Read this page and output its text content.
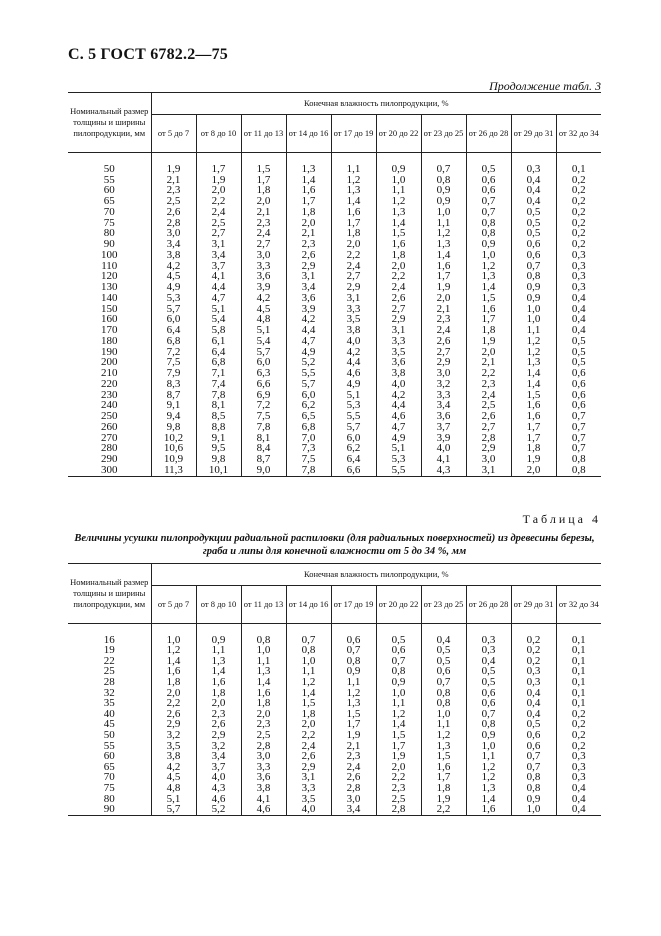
С. 5 ГОСТ 6782.2—75
Продолжение табл. 3
Номинальный размер толщины и ширины пилопродукции, мм	Конечная влажность пилопродукции, %									
	от 5 до 7	от 8 до 10	от 11 до 13	от 14 до 16	от 17 до 19	от 20 до 22	от 23 до 25	от 26 до 28	от 29 до 31	от 32 до 34

50	1,9	1,7	1,5	1,3	1,1	0,9	0,7	0,5	0,3	0,1
55	2,1	1,9	1,7	1,4	1,2	1,0	0,8	0,6	0,4	0,2
60	2,3	2,0	1,8	1,6	1,3	1,1	0,9	0,6	0,4	0,2
65	2,5	2,2	2,0	1,7	1,4	1,2	0,9	0,7	0,4	0,2
70	2,6	2,4	2,1	1,8	1,6	1,3	1,0	0,7	0,5	0,2
75	2,8	2,5	2,3	2,0	1,7	1,4	1,1	0,8	0,5	0,2
80	3,0	2,7	2,4	2,1	1,8	1,5	1,2	0,8	0,5	0,2
90	3,4	3,1	2,7	2,3	2,0	1,6	1,3	0,9	0,6	0,2
100	3,8	3,4	3,0	2,6	2,2	1,8	1,4	1,0	0,6	0,3
110	4,2	3,7	3,3	2,9	2,4	2,0	1,6	1,2	0,7	0,3
120	4,5	4,1	3,6	3,1	2,7	2,2	1,7	1,3	0,8	0,3
130	4,9	4,4	3,9	3,4	2,9	2,4	1,9	1,4	0,9	0,3
140	5,3	4,7	4,2	3,6	3,1	2,6	2,0	1,5	0,9	0,4
150	5,7	5,1	4,5	3,9	3,3	2,7	2,1	1,6	1,0	0,4
160	6,0	5,4	4,8	4,2	3,5	2,9	2,3	1,7	1,0	0,4
170	6,4	5,8	5,1	4,4	3,8	3,1	2,4	1,8	1,1	0,4
180	6,8	6,1	5,4	4,7	4,0	3,3	2,6	1,9	1,2	0,5
190	7,2	6,4	5,7	4,9	4,2	3,5	2,7	2,0	1,2	0,5
200	7,5	6,8	6,0	5,2	4,4	3,6	2,9	2,1	1,3	0,5
210	7,9	7,1	6,3	5,5	4,6	3,8	3,0	2,2	1,4	0,6
220	8,3	7,4	6,6	5,7	4,9	4,0	3,2	2,3	1,4	0,6
230	8,7	7,8	6,9	6,0	5,1	4,2	3,3	2,4	1,5	0,6
240	9,1	8,1	7,2	6,2	5,3	4,4	3,4	2,5	1,6	0,6
250	9,4	8,5	7,5	6,5	5,5	4,6	3,6	2,6	1,6	0,7
260	9,8	8,8	7,8	6,8	5,7	4,7	3,7	2,7	1,7	0,7
270	10,2	9,1	8,1	7,0	6,0	4,9	3,9	2,8	1,7	0,7
280	10,6	9,5	8,4	7,3	6,2	5,1	4,0	2,9	1,8	0,7
290	10,9	9,8	8,7	7,5	6,4	5,3	4,1	3,0	1,9	0,8
300	11,3	10,1	9,0	7,8	6,6	5,5	4,3	3,1	2,0	0,8
Таблица 4
Величины усушки пилопродукции радиальной распиловки (для радиальных поверхностей) из древесины березы, граба и липы для конечной влажности от 5 до 34 %, мм
Номинальный размер толщины и ширины пилопродукции, мм	Конечная влажность пилопродукции, %									
	от 5 до 7	от 8 до 10	от 11 до 13	от 14 до 16	от 17 до 19	от 20 до 22	от 23 до 25	от 26 до 28	от 29 до 31	от 32 до 34

16	1,0	0,9	0,8	0,7	0,6	0,5	0,4	0,3	0,2	0,1
19	1,2	1,1	1,0	0,8	0,7	0,6	0,5	0,3	0,2	0,1
22	1,4	1,3	1,1	1,0	0,8	0,7	0,5	0,4	0,2	0,1
25	1,6	1,4	1,3	1,1	0,9	0,8	0,6	0,5	0,3	0,1
28	1,8	1,6	1,4	1,2	1,1	0,9	0,7	0,5	0,3	0,1
32	2,0	1,8	1,6	1,4	1,2	1,0	0,8	0,6	0,4	0,1
35	2,2	2,0	1,8	1,5	1,3	1,1	0,8	0,6	0,4	0,1
40	2,6	2,3	2,0	1,8	1,5	1,2	1,0	0,7	0,4	0,2
45	2,9	2,6	2,3	2,0	1,7	1,4	1,1	0,8	0,5	0,2
50	3,2	2,9	2,5	2,2	1,9	1,5	1,2	0,9	0,6	0,2
55	3,5	3,2	2,8	2,4	2,1	1,7	1,3	1,0	0,6	0,2
60	3,8	3,4	3,0	2,6	2,3	1,9	1,5	1,1	0,7	0,3
65	4,2	3,7	3,3	2,9	2,4	2,0	1,6	1,2	0,7	0,3
70	4,5	4,0	3,6	3,1	2,6	2,2	1,7	1,2	0,8	0,3
75	4,8	4,3	3,8	3,3	2,8	2,3	1,8	1,3	0,8	0,4
80	5,1	4,6	4,1	3,5	3,0	2,5	1,9	1,4	0,9	0,4
90	5,7	5,2	4,6	4,0	3,4	2,8	2,2	1,6	1,0	0,4
